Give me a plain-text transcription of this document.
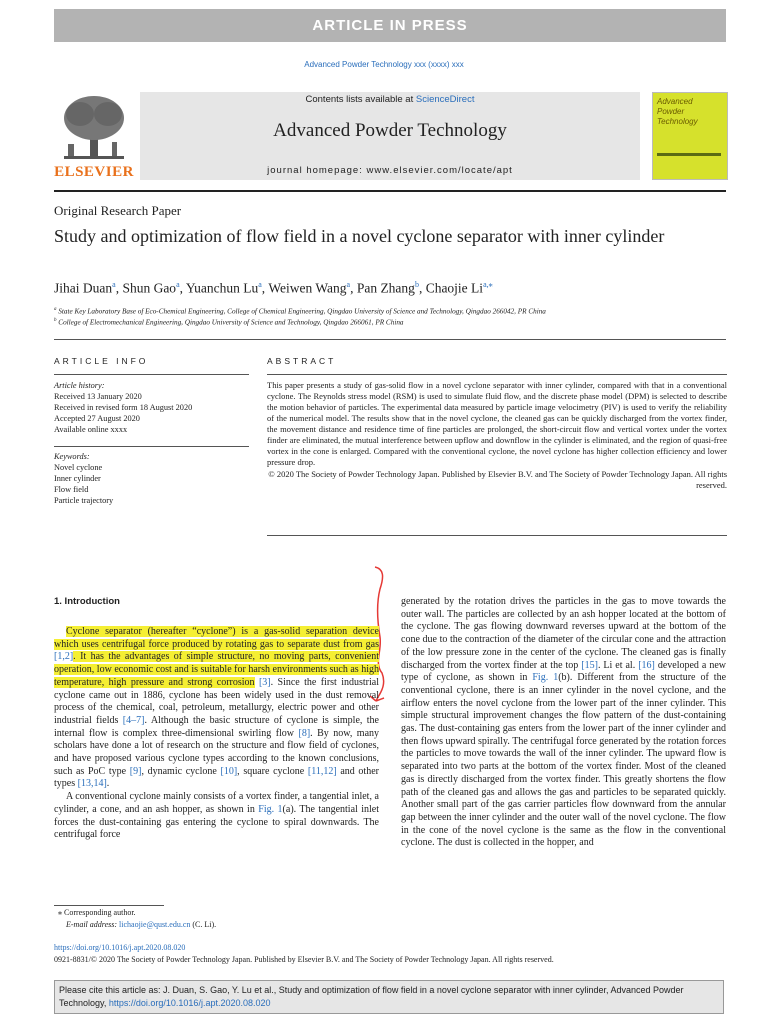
ARTICLE IN PRESS
Advanced Powder Technology xxx (xxxx) xxx
ELSEVIER
Contents lists available at ScienceDirect
Advanced Powder Technology
journal homepage: www.elsevier.com/locate/apt
Advanced Powder Technology
Original Research Paper
Study and optimization of flow field in a novel cyclone separator with inner cylinder
Jihai Duan$^a$, Shun Gao$^a$, Yuanchun Lu$^a$, Weiwen Wang$^a$, Pan Zhang$^b$, Chaojie $Li^{a,⁎}$
$^a$ State Key Laboratory Base of Eco-Chemical Engineering, College of Chemical Engineering, Qingdao University of Science and Technology, Qingdao 266042, PR China
$^b$ College of Electromechanical Engineering, Qingdao University of Science and Technology, Qingdao 266061, PR China
ARTICLE INFO	ABSTRACT
Article history:
Received 13 January 2020
Received in revised form 18 August 2020
Accepted 27 August 2020
Available online xxxx
Keywords:
Novel cyclone
Inner cylinder
Flow field
Particle trajectory

This paper presents a study of gas-solid flow in a novel cyclone separator with inner cylinder, compared with that in a conventional cyclone. The Reynolds stress model (RSM) is used to simulate fluid flow, and the discrete phase model (DPM) is selected to describe the motion behavior of particles. The experimental data measured by particle image velocimetry (PIV) is used to verify the reliability of the numerical model. The results show that in the novel cyclone, the cleaned gas can be quickly discharged from the vortex finder, the movement distance and residence time of fine particles are prolonged, the short-circuit flow and vertical vortex under the vortex finder are eliminated, the mutual interference between upflow and downflow in the cylinder is eliminated, and the region of quasi-free vortex in the cone is enlarged. Compared with the conventional cyclone, the novel cyclone has higher collection efficiency and lower pressure drop.

© 2020 The Society of Powder Technology Japan. Published by Elsevier B.V. and The Society of Powder Technology Japan. All rights reserved.

1. Introduction

Cyclone separator (hereafter “cyclone”) is a gas-solid separation device which uses centrifugal force produced by rotating gas to separate dust from gas [1,2]. It has the advantages of simple structure, no moving parts, convenient operation, low economic cost and is suitable for harsh environments such as high temperature, high pressure and strong corrosion [3]. Since the first industrial cyclone came out in 1886, cyclone has been widely used in the dust removal process of the chemical, coal, petroleum, metallurgy, electric power and other industrial fields [4–7]. Although the basic structure of cyclone is simple, the internal flow is complex three-dimensional swirling flow [8]. By now, many scholars have done a lot of research on the structure and flow field of cyclones, and have proposed various cyclone types according to the known conclusions, such as PoC type [9], dynamic cyclone [10], square cyclone [11,12] and other types [13,14].

A conventional cyclone mainly consists of a vortex finder, a tangential inlet, a cylinder, a cone, and an ash hopper, as shown in Fig. 1(a). The tangential inlet forces the dust-containing gas entering the cyclone to spiral downwards. The centrifugal force

generated by the rotation drives the particles in the gas to move towards the outer wall. The particles are collected by an ash hopper located at the bottom of the cyclone. The gas flowing downward reverses upward at the bottom of the cone due to the contraction of the diameter of the circular cone and the attraction of the low pressure zone in the center of the cyclone. The cleaned gas is finally discharged from the vortex finder at the top [15]. Li et al. [16] developed a new type of cyclone, as shown in Fig. 1(b). Different from the structure of the conventional cyclone, there is an inner cylinder in the novel cyclone, and the airflow enters the novel cyclone from the lower part of the inner cylinder. This simple structural improvement changes the flow pattern of the dust-containing gas. The dust-containing gas enters from the lower part of the inner cylinder and then flows upward spirally. The centrifugal force generated by the rotation forces the particles to move towards the wall of the inner cylinder. The upward flow is separated into two parts at the bottom of the vortex finder. Most of the cleaned gas is directly discharged from the vortex finder. This greatly shortens the flow path of the cleaned gas and allows the gas and particles to be separated quickly. Another small part of the gas carrier particles flow downward from the annular gap between the inner cylinder and the outer wall of the novel cyclone. The flow in the cone of the novel cyclone is the same as the flow in the conventional cyclone. The dust is collected in the hopper, and

⁎ Corresponding author.
E-mail address: lichaojie@qust.edu.cn (C. Li).
https://doi.org/10.1016/j.apt.2020.08.020
0921-8831/© 2020 The Society of Powder Technology Japan. Published by Elsevier B.V. and The Society of Powder Technology Japan. All rights reserved.
Please cite this article as: J. Duan, S. Gao, Y. Lu et al., Study and optimization of flow field in a novel cyclone separator with inner cylinder, Advanced Powder Technology, https://doi.org/10.1016/j.apt.2020.08.020
